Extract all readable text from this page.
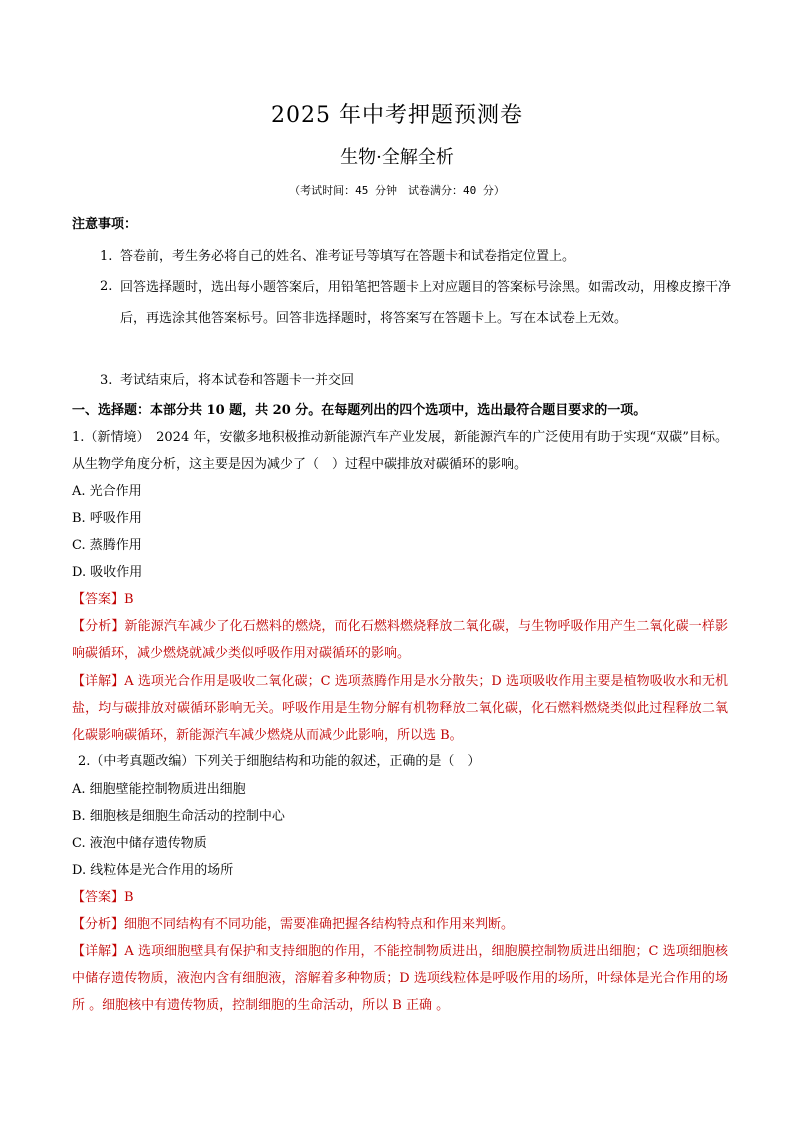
2025 年中考押题预测卷
生物·全解全析
（考试时间：45 分钟　试卷满分：40 分）
注意事项：
1. 答卷前，考生务必将自己的姓名、准考证号等填写在答题卡和试卷指定位置上。
2. 回答选择题时，选出每小题答案后，用铅笔把答题卡上对应题目的答案标号涂黑。如需改动，用橡皮擦干净后，再选涂其他答案标号。回答非选择题时，将答案写在答题卡上。写在本试卷上无效。
3. 考试结束后，将本试卷和答题卡一并交回
一、选择题：本部分共 10 题，共 20 分。在每题列出的四个选项中，选出最符合题目要求的一项。
1.（新情境）　2024 年，安徽多地积极推动新能源汽车产业发展，新能源汽车的广泛使用有助于实现“双碳”目标。从生物学角度分析，这主要是因为减少了（　）过程中碳排放对碳循环的影响。
A. 光合作用
B. 呼吸作用
C. 蒸腾作用
D. 吸收作用
【答案】B
【分析】新能源汽车减少了化石燃料的燃烧，而化石燃料燃烧释放二氧化碳，与生物呼吸作用产生二氧化碳一样影响碳循环，减少燃烧就减少类似呼吸作用对碳循环的影响。
【详解】A 选项光合作用是吸收二氧化碳；C 选项蒸腾作用是水分散失；D 选项吸收作用主要是植物吸收水和无机盐，均与碳排放对碳循环影响无关。呼吸作用是生物分解有机物释放二氧化碳，化石燃料燃烧类似此过程释放二氧化碳影响碳循环，新能源汽车减少燃烧从而减少此影响，所以选 B。
2.（中考真题改编）下列关于细胞结构和功能的叙述，正确的是（　）
A. 细胞壁能控制物质进出细胞
B. 细胞核是细胞生命活动的控制中心
C. 液泡中储存遗传物质
D. 线粒体是光合作用的场所
【答案】B
【分析】细胞不同结构有不同功能，需要准确把握各结构特点和作用来判断。
【详解】A 选项细胞壁具有保护和支持细胞的作用，不能控制物质进出，细胞膜控制物质进出细胞；C 选项细胞核中储存遗传物质，液泡内含有细胞液，溶解着多种物质；D 选项线粒体是呼吸作用的场所，叶绿体是光合作用的场所 。细胞核中有遗传物质，控制细胞的生命活动，所以 B 正确 。
